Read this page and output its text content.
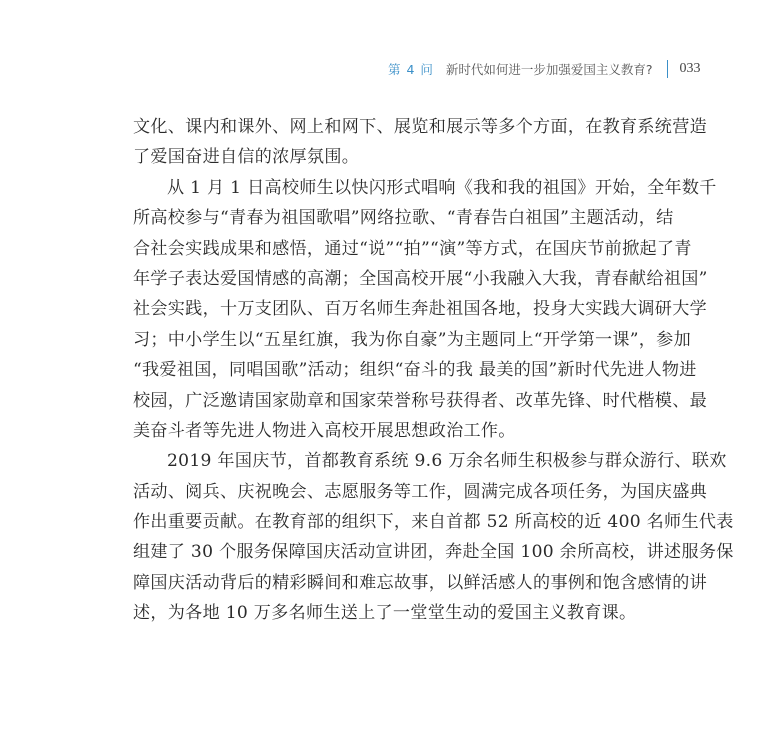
第 4 问 新时代如何进一步加强爱国主义教育? 033
文化、课内和课外、网上和网下、展览和展示等多个方面，在教育系统营造
了爱国奋进自信的浓厚氛围。
从 1 月 1 日高校师生以快闪形式唱响《我和我的祖国》开始，全年数千
所高校参与“青春为祖国歌唱”网络拉歌、“青春告白祖国”主题活动，结
合社会实践成果和感悟，通过“说”“拍”“演”等方式，在国庆节前掀起了青
年学子表达爱国情感的高潮；全国高校开展“小我融入大我，青春献给祖国”
社会实践，十万支团队、百万名师生奔赴祖国各地，投身大实践大调研大学
习；中小学生以“五星红旗，我为你自豪”为主题同上“开学第一课”，参加
“我爱祖国，同唱国歌”活动；组织“奋斗的我 最美的国”新时代先进人物进
校园，广泛邀请国家勋章和国家荣誉称号获得者、改革先锋、时代楷模、最
美奋斗者等先进人物进入高校开展思想政治工作。
2019 年国庆节，首都教育系统 9.6 万余名师生积极参与群众游行、联欢
活动、阅兵、庆祝晚会、志愿服务等工作，圆满完成各项任务，为国庆盛典
作出重要贡献。在教育部的组织下，来自首都 52 所高校的近 400 名师生代表
组建了 30 个服务保障国庆活动宣讲团，奔赴全国 100 余所高校，讲述服务保
障国庆活动背后的精彩瞬间和难忘故事，以鲜活感人的事例和饱含感情的讲
述，为各地 10 万多名师生送上了一堂堂生动的爱国主义教育课。
